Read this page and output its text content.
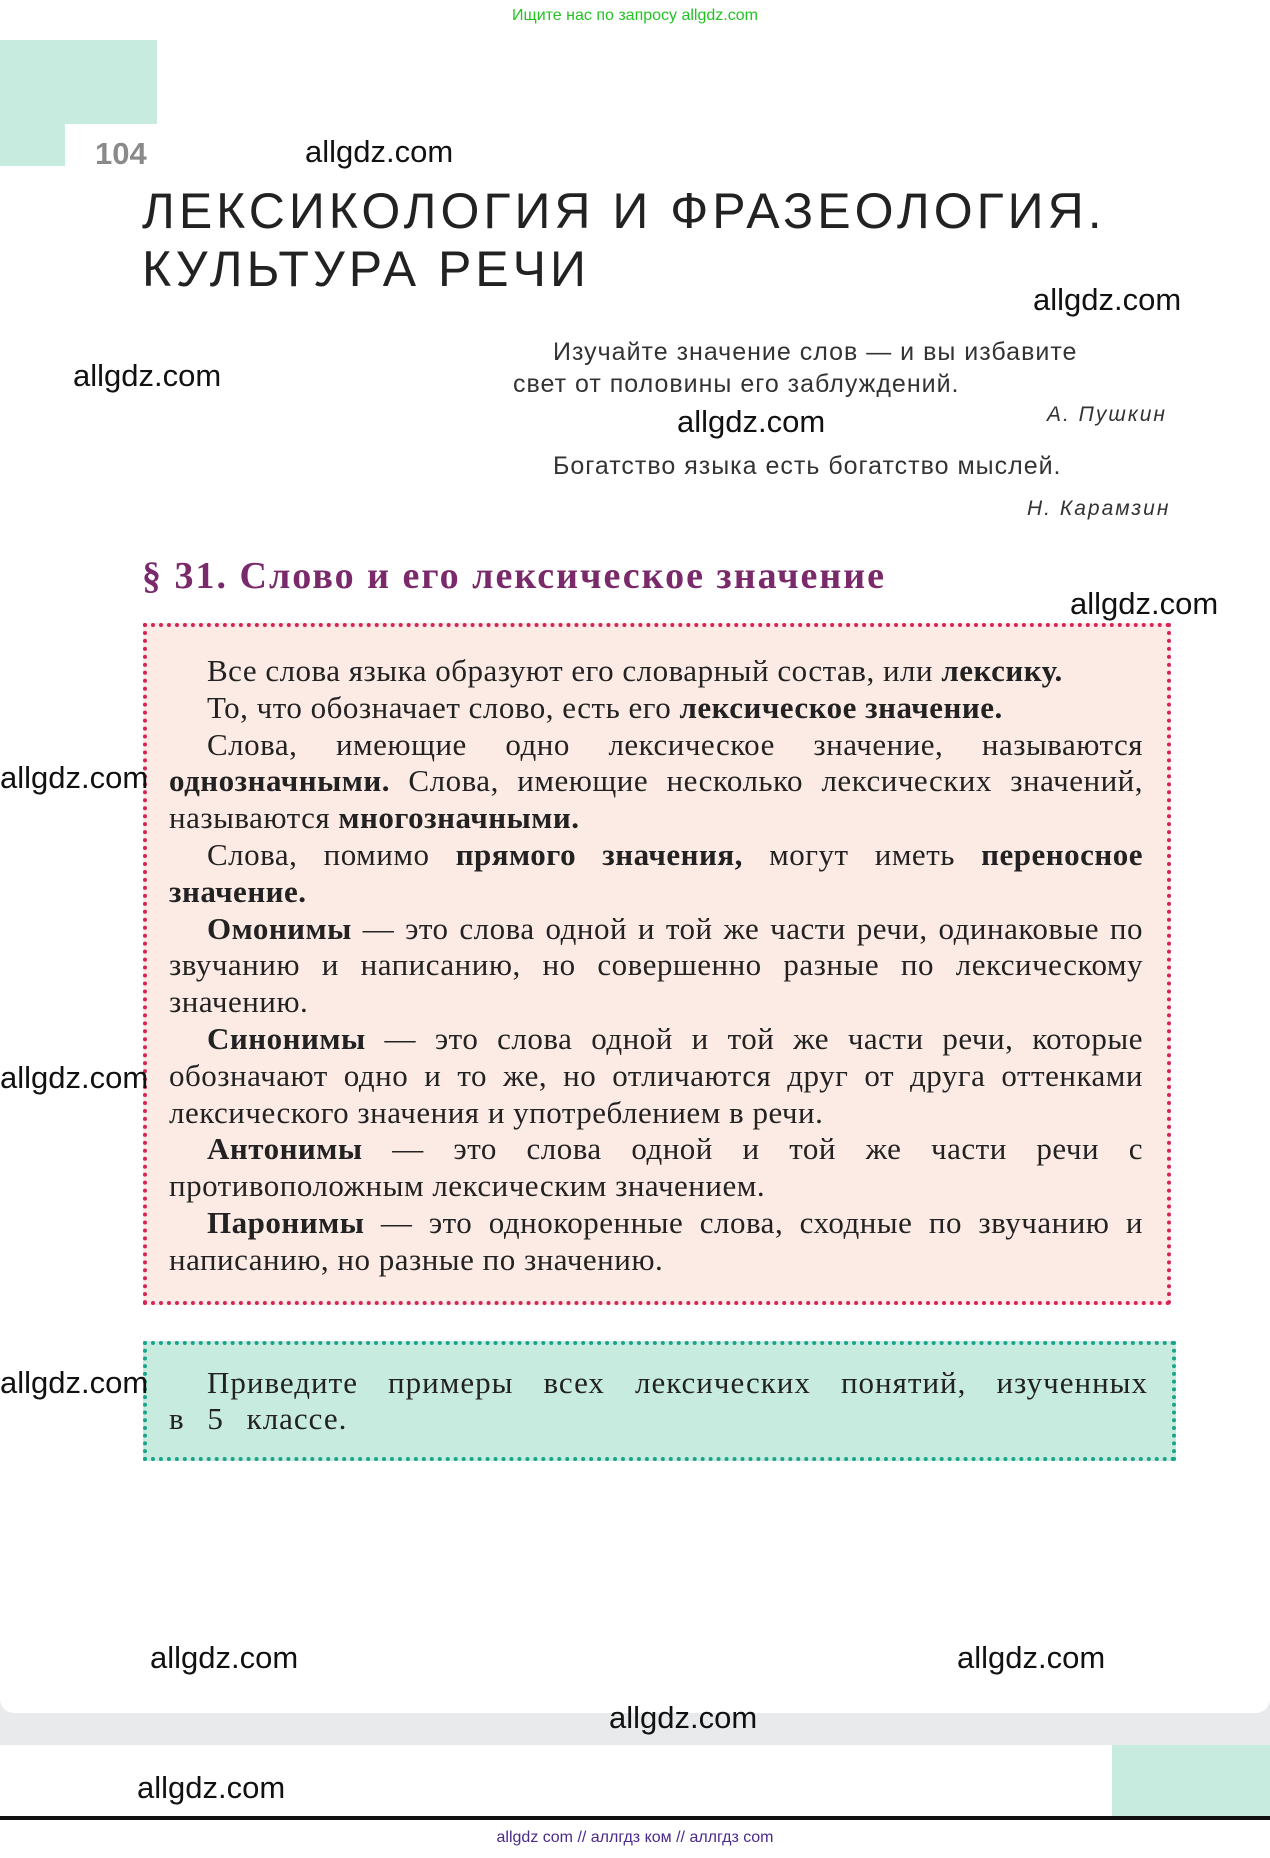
Ищите нас по запросу allgdz.com
104
ЛЕКСИКОЛОГИЯ И ФРАЗЕОЛОГИЯ.
КУЛЬТУРА РЕЧИ
Изучайте значение слов — и вы избавите
свет от половины его заблуждений.
А. Пушкин
Богатство языка есть богатство мыслей.
Н. Карамзин
§ 31. Слово и его лексическое значение

Все слова языка образуют его словарный состав, или лексику.

То, что обозначает слово, есть его лексическое значение.

Слова, имеющие одно лексическое значение, называются однозначными. Слова, имеющие несколько лексических значений, называются многозначными.

Слова, помимо прямого значения, могут иметь переносное значение.

Омонимы — это слова одной и той же части речи, одинаковые по звучанию и написанию, но совершенно разные по лексическому значению.

Синонимы — это слова одной и той же части речи, которые обозначают одно и то же, но отличаются друг от друга оттенками лексического значения и употреблением в речи.

Антонимы — это слова одной и той же части речи с противоположным лексическим значением.

Паронимы — это однокоренные слова, сходные по звучанию и написанию, но разные по значению.

Приведите примеры всех лексических понятий, изученных в 5 классе.

allgdz com // аллгдз ком // аллгдз com
allgdz.com
allgdz.com
allgdz.com
allgdz.com
allgdz.com
allgdz.com
allgdz.com
allgdz.com
allgdz.com	allgdz.com
allgdz.com
allgdz.com
